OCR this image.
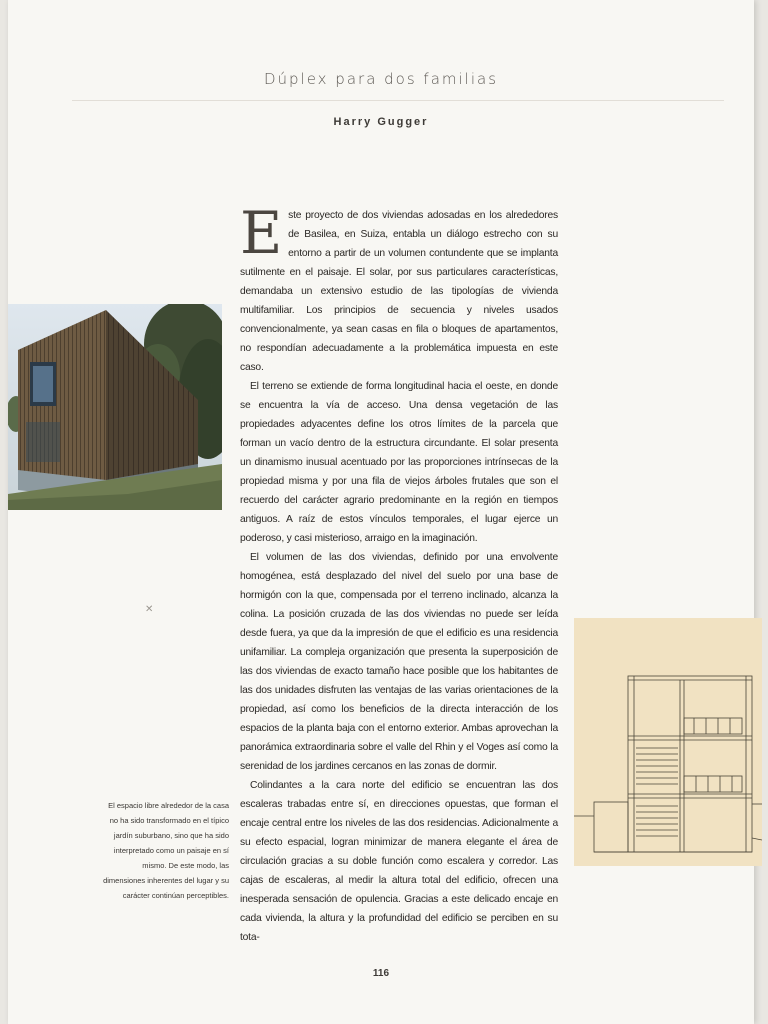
Dúplex para dos familias
Harry Gugger

Este proyecto de dos viviendas adosadas en los alrededores de Basilea, en Suiza, entabla un diálogo estrecho con su entorno a partir de un volumen contundente que se implanta sutilmente en el paisaje. El solar, por sus particulares características, demandaba un extensivo estudio de las tipologías de vivienda multifamiliar. Los principios de secuencia y niveles usados convencionalmente, ya sean casas en fila o bloques de apartamentos, no respondían adecuadamente a la problemática impuesta en este caso.

El terreno se extiende de forma longitudinal hacia el oeste, en donde se encuentra la vía de acceso. Una densa vegetación de las propiedades adyacentes define los otros límites de la parcela que forman un vacío dentro de la estructura circundante. El solar presenta un dinamismo inusual acentuado por las proporciones intrínsecas de la propiedad misma y por una fila de viejos árboles frutales que son el recuerdo del carácter agrario predominante en la región en tiempos antiguos. A raíz de estos vínculos temporales, el lugar ejerce un poderoso, y casi misterioso, arraigo en la imaginación.

El volumen de las dos viviendas, definido por una envolvente homogénea, está desplazado del nivel del suelo por una base de hormigón con la que, compensada por el terreno inclinado, alcanza la colina. La posición cruzada de las dos viviendas no puede ser leída desde fuera, ya que da la impresión de que el edificio es una residencia unifamiliar. La compleja organización que presenta la superposición de las dos viviendas de exacto tamaño hace posible que los habitantes de las dos unidades disfruten las ventajas de las varias orientaciones de la propiedad, así como los beneficios de la directa interacción de los espacios de la planta baja con el entorno exterior. Ambas aprovechan la panorámica extraordinaria sobre el valle del Rhin y el Voges así como la serenidad de los jardines cercanos en las zonas de dormir.

Colindantes a la cara norte del edificio se encuentran las dos escaleras trabadas entre sí, en direcciones opuestas, que forman el encaje central entre los niveles de las dos residencias. Adicionalmente a su efecto espacial, logran minimizar de manera elegante el área de circulación gracias a su doble función como escalera y corredor. Las cajas de escaleras, al medir la altura total del edificio, ofrecen una inesperada sensación de opulencia. Gracias a este delicado encaje en cada vivienda, la altura y la profundidad del edificio se perciben en su tota-

✕
El espacio libre alrededor de la casa no ha sido transformado en el típico jardín suburbano, sino que ha sido interpretado como un paisaje en sí mismo. De este modo, las dimensiones inherentes del lugar y su carácter continúan perceptibles.
116
